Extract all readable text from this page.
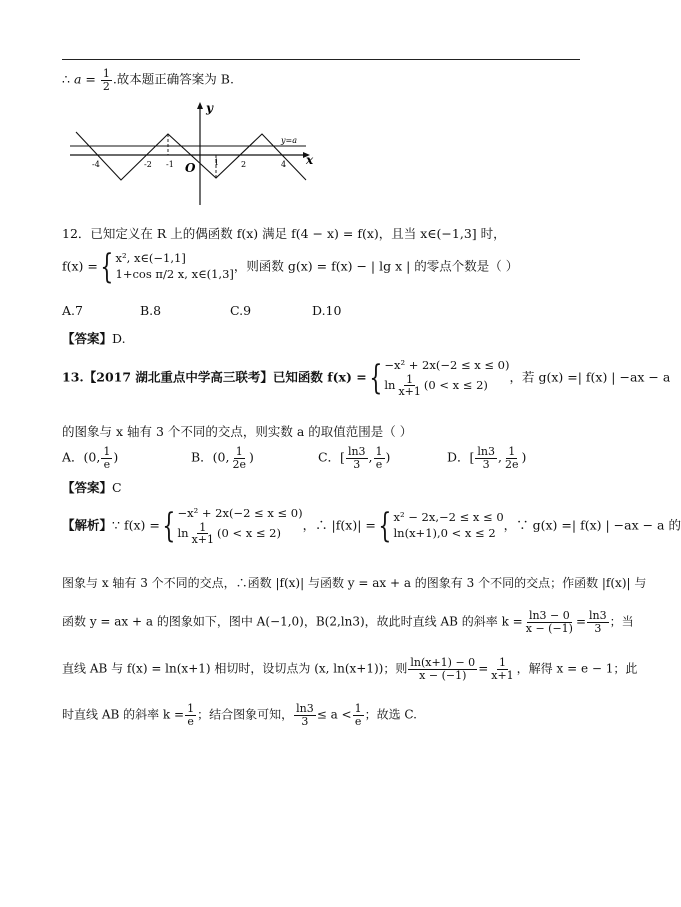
∴ $a = \frac{1}{2}$ .故本题正确答案为 B.
y
x
O
y=a
-4	-2 -1	1	2	4
12．已知定义在 R 上的偶函数 f(x) 满足 f(4 − x) = f(x)，且当 x∈(−1,3] 时，
f(x) ={ x², x∈(−1,1]
1+cos π/2 x, x∈(1,3]
，则函数 g(x) = f(x) − | lg x | 的零点个数是（ ）
A.7	B.8	C.9	D.10
【答案】D.
13.【2017 湖北重点中学高三联考】已知函数 f(x) ={ −x² + 2x(−2 ≤ x ≤ 0)
$\ln \frac{1}{x+1} (0 < x \le 2)$
，若 g(x) =| f(x) | −ax − a
的图象与 x 轴有 3 个不同的交点，则实数 a 的取值范围是（ ）
A．(0, $\frac{1}{e}$ )	B．(0, $\frac{1}{2e}$ )	C．[ $\frac{\ln 3}{3}$ , $\frac{1}{e}$ )	D．[ $\frac{\ln 3}{3}$ , $\frac{1}{2e}$ )
【答案】C
【解析】∵ f(x) ={ −x² + 2x(−2 ≤ x ≤ 0)
$\ln \frac{1}{x+1} (0 < x \le 2)$
，∴ |f(x)| ={ x² − 2x,−2 ≤ x ≤ 0
ln(x+1),0 < x ≤ 2
，∵ g(x) =| f(x) | −ax − a 的
图象与 x 轴有 3 个不同的交点，∴函数 |f(x)| 与函数 y = ax + a 的图象有 3 个不同的交点；作函数 |f(x)| 与
函数 y = ax + a 的图象如下，图中 A(−1,0)，B(2,ln3)，故此时直线 AB 的斜率 $k = \frac{\ln 3 - 0}{x - (-1)} = \frac{\ln 3}{3}$ ；当
直线 AB 与 f(x) = ln(x+1) 相切时，设切点为 (x, ln(x+1))；则 $\frac{\ln(x+1) - 0}{x - (-1)} = \frac{1}{x+1}$ ，解得 x = e − 1；此
时直线 AB 的斜率 $k = \frac{1}{e}$ ；结合图象可知， $\frac{\ln 3}{3} \le a < \frac{1}{e}$ ；故选 C.
